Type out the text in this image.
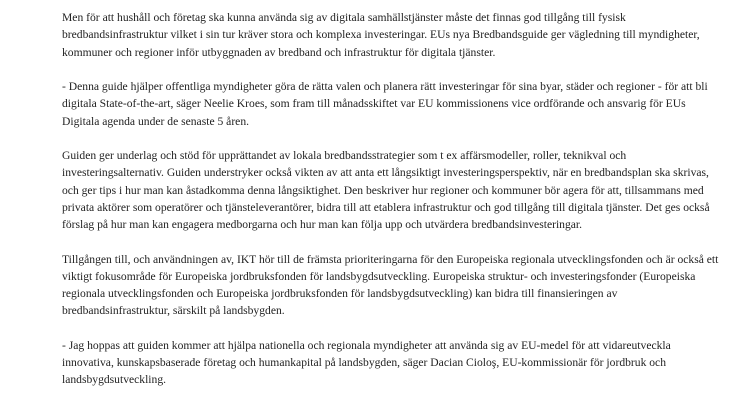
Men för att hushåll och företag ska kunna använda sig av digitala samhällstjänster måste det finnas god tillgång till fysisk bredbandsinfrastruktur vilket i sin tur kräver stora och komplexa investeringar. EUs nya Bredbandsguide ger vägledning till myndigheter, kommuner och regioner inför utbyggnaden av bredband och infrastruktur för digitala tjänster.

- Denna guide hjälper offentliga myndigheter göra de rätta valen och planera rätt investeringar för sina byar, städer och regioner - för att bli digitala State-of-the-art, säger Neelie Kroes, som fram till månadsskiftet var EU kommissionens vice ordförande och ansvarig för EUs Digitala agenda under de senaste 5 åren.

Guiden ger underlag och stöd för upprättandet av lokala bredbandsstrategier som t ex affärsmodeller, roller, teknikval och investeringsalternativ. Guiden understryker också vikten av att anta ett långsiktigt investeringsperspektiv, när en bredbandsplan ska skrivas, och ger tips i hur man kan åstadkomma denna långsiktighet. Den beskriver hur regioner och kommuner bör agera för att, tillsammans med privata aktörer som operatörer och tjänsteleverantörer, bidra till att etablera infrastruktur och god tillgång till digitala tjänster. Det ges också förslag på hur man kan engagera medborgarna och hur man kan följa upp och utvärdera bredbandsinvesteringar.

Tillgången till, och användningen av, IKT hör till de främsta prioriteringarna för den Europeiska regionala utvecklingsfonden och är också ett viktigt fokusområde för Europeiska jordbruksfonden för landsbygdsutveckling. Europeiska struktur- och investeringsfonder (Europeiska regionala utvecklingsfonden och Europeiska jordbruksfonden för landsbygdsutveckling) kan bidra till finansieringen av bredbandsinfrastruktur, särskilt på landsbygden.

- Jag hoppas att guiden kommer att hjälpa nationella och regionala myndigheter att använda sig av EU-medel för att vidareutveckla innovativa, kunskapsbaserade företag och humankapital på landsbygden, säger Dacian Cioloş, EU-kommissionär för jordbruk och landsbygdsutveckling.
